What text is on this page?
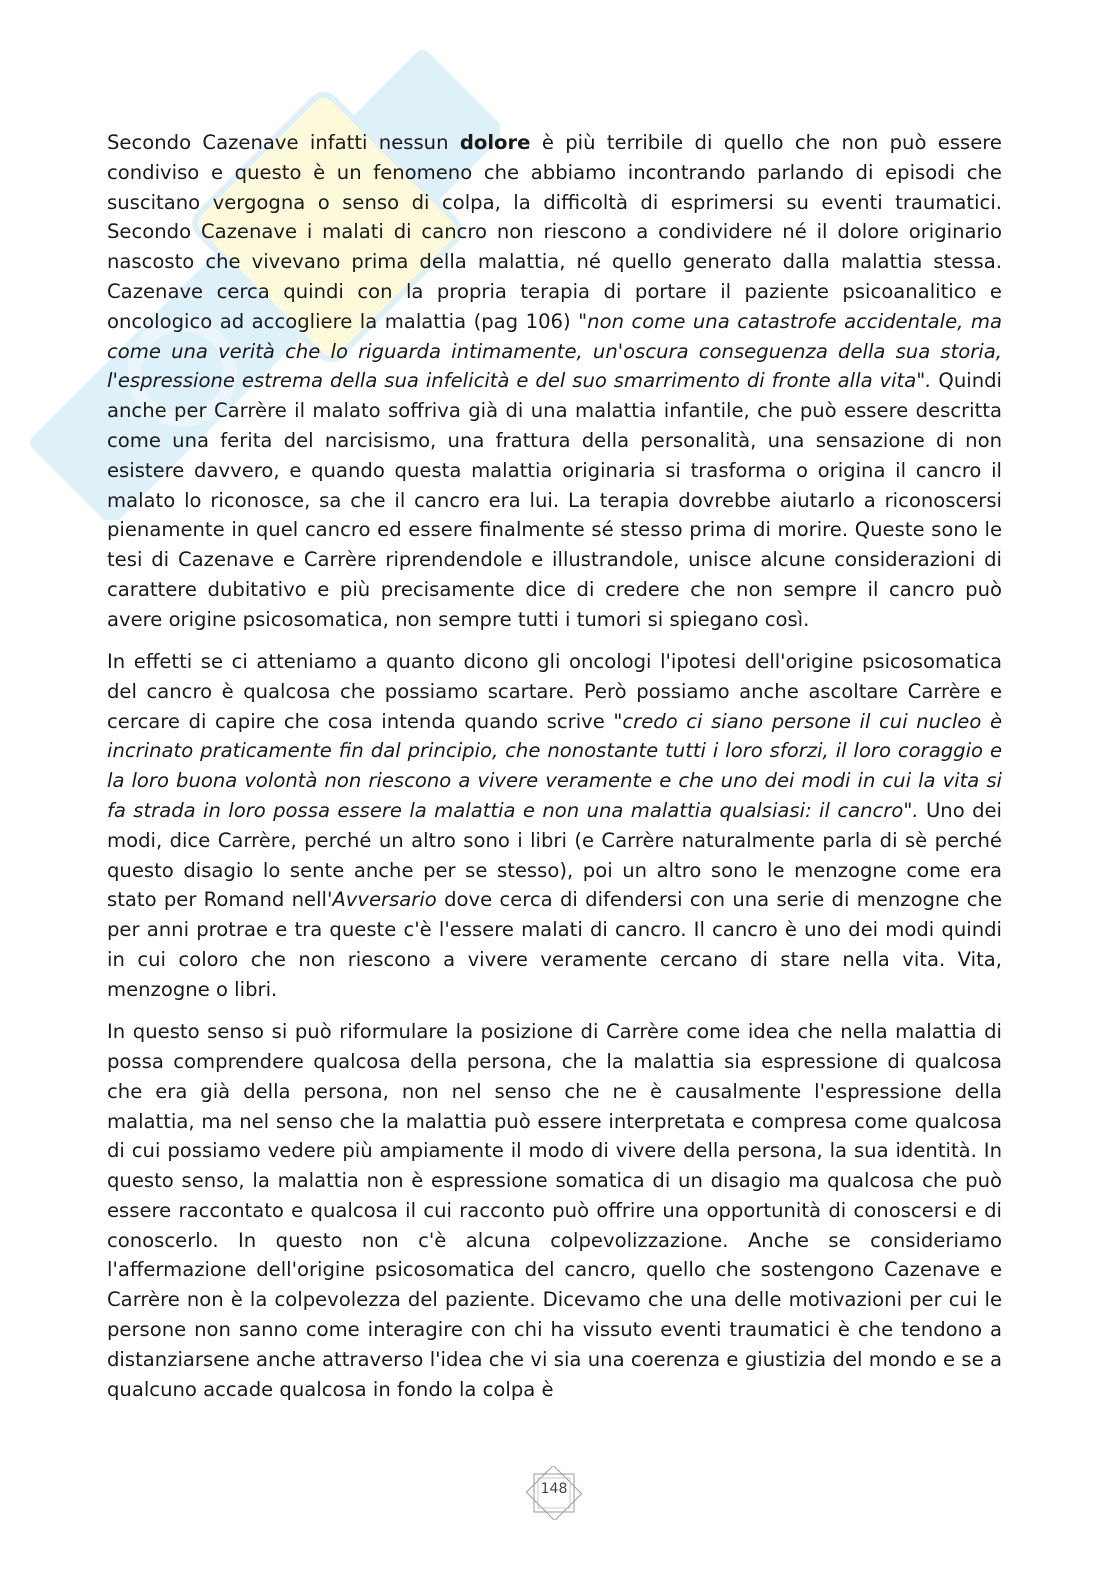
Secondo Cazenave infatti nessun dolore è più terribile di quello che non può essere condiviso e questo è un fenomeno che abbiamo incontrando parlando di episodi che suscitano vergogna o senso di colpa, la difficoltà di esprimersi su eventi traumatici. Secondo Cazenave i malati di cancro non riescono a condividere né il dolore originario nascosto che vivevano prima della malattia, né quello generato dalla malattia stessa. Cazenave cerca quindi con la propria terapia di portare il paziente psicoanalitico e oncologico ad accogliere la malattia (pag 106) "non come una catastrofe accidentale, ma come una verità che lo riguarda intimamente, un'oscura conseguenza della sua storia, l'espressione estrema della sua infelicità e del suo smarrimento di fronte alla vita". Quindi anche per Carrère il malato soffriva già di una malattia infantile, che può essere descritta come una ferita del narcisismo, una frattura della personalità, una sensazione di non esistere davvero, e quando questa malattia originaria si trasforma o origina il cancro il malato lo riconosce, sa che il cancro era lui. La terapia dovrebbe aiutarlo a riconoscersi pienamente in quel cancro ed essere finalmente sé stesso prima di morire. Queste sono le tesi di Cazenave e Carrère riprendendole e illustrandole, unisce alcune considerazioni di carattere dubitativo e più precisamente dice di credere che non sempre il cancro può avere origine psicosomatica, non sempre tutti i tumori si spiegano così.

In effetti se ci atteniamo a quanto dicono gli oncologi l'ipotesi dell'origine psicosomatica del cancro è qualcosa che possiamo scartare. Però possiamo anche ascoltare Carrère e cercare di capire che cosa intenda quando scrive "credo ci siano persone il cui nucleo è incrinato praticamente fin dal principio, che nonostante tutti i loro sforzi, il loro coraggio e la loro buona volontà non riescono a vivere veramente e che uno dei modi in cui la vita si fa strada in loro possa essere la malattia e non una malattia qualsiasi: il cancro". Uno dei modi, dice Carrère, perché un altro sono i libri (e Carrère naturalmente parla di sè perché questo disagio lo sente anche per se stesso), poi un altro sono le menzogne come era stato per Romand nell'Avversario dove cerca di difendersi con una serie di menzogne che per anni protrae e tra queste c'è l'essere malati di cancro. Il cancro è uno dei modi quindi in cui coloro che non riescono a vivere veramente cercano di stare nella vita. Vita, menzogne o libri.

In questo senso si può riformulare la posizione di Carrère come idea che nella malattia di possa comprendere qualcosa della persona, che la malattia sia espressione di qualcosa che era già della persona, non nel senso che ne è causalmente l'espressione della malattia, ma nel senso che la malattia può essere interpretata e compresa come qualcosa di cui possiamo vedere più ampiamente il modo di vivere della persona, la sua identità. In questo senso, la malattia non è espressione somatica di un disagio ma qualcosa che può essere raccontato e qualcosa il cui racconto può offrire una opportunità di conoscersi e di conoscerlo. In questo non c'è alcuna colpevolizzazione. Anche se consideriamo l'affermazione dell'origine psicosomatica del cancro, quello che sostengono Cazenave e Carrère non è la colpevolezza del paziente. Dicevamo che una delle motivazioni per cui le persone non sanno come interagire con chi ha vissuto eventi traumatici è che tendono a distanziarsene anche attraverso l'idea che vi sia una coerenza e giustizia del mondo e se a qualcuno accade qualcosa in fondo la colpa è

148
